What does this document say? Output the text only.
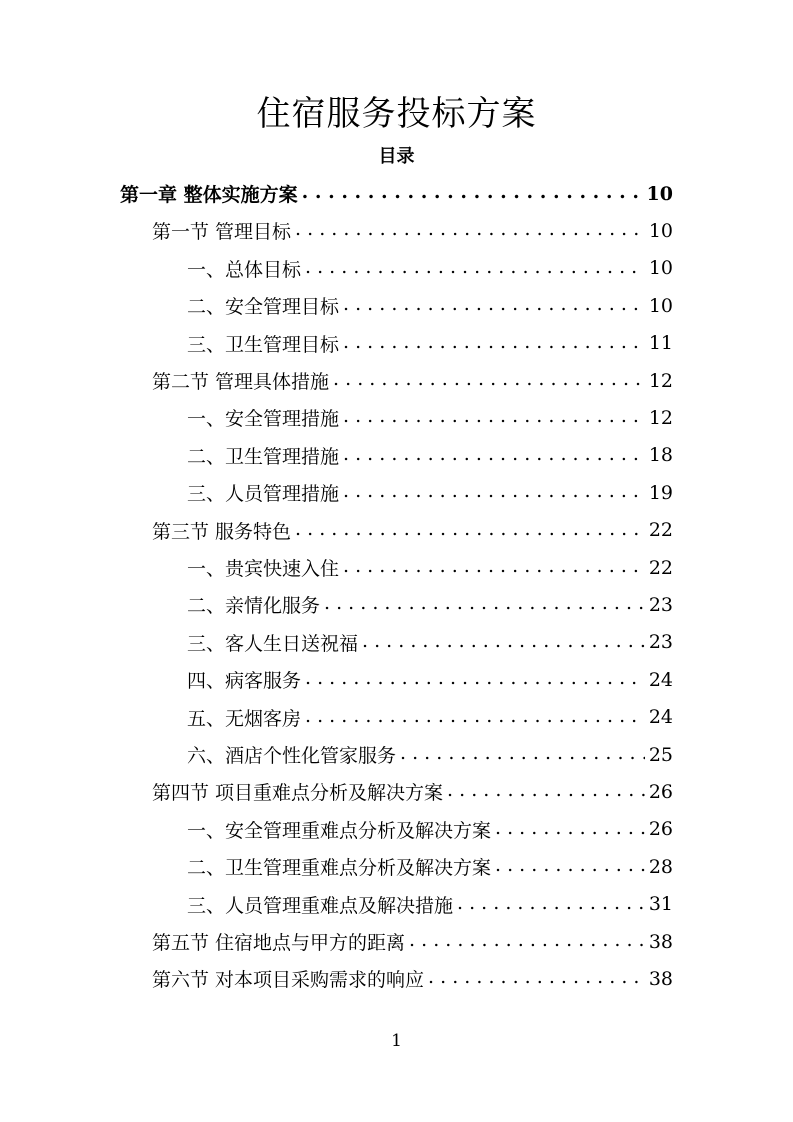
住宿服务投标方案
目录
第一章 整体实施方案 . . .	10
第一节 管理目标 . . .	10
一、总体目标 . . .	10
二、安全管理目标 . . .	10
三、卫生管理目标 . . .	11
第二节 管理具体措施 . . .	12
一、安全管理措施 . . .	12
二、卫生管理措施 . . .	18
三、人员管理措施 . . .	19
第三节 服务特色 . . .	22
一、贵宾快速入住 . . .	22
二、亲情化服务 . . .	23
三、客人生日送祝福 . . .	23
四、病客服务 . . .	24
五、无烟客房 . . .	24
六、酒店个性化管家服务 . . .	25
第四节 项目重难点分析及解决方案 . . .	26
一、安全管理重难点分析及解决方案 . . .	26
二、卫生管理重难点分析及解决方案 . . .	28
三、人员管理重难点及解决措施 . . .	31
第五节 住宿地点与甲方的距离 . . .	38
第六节 对本项目采购需求的响应 . . .	38
1
